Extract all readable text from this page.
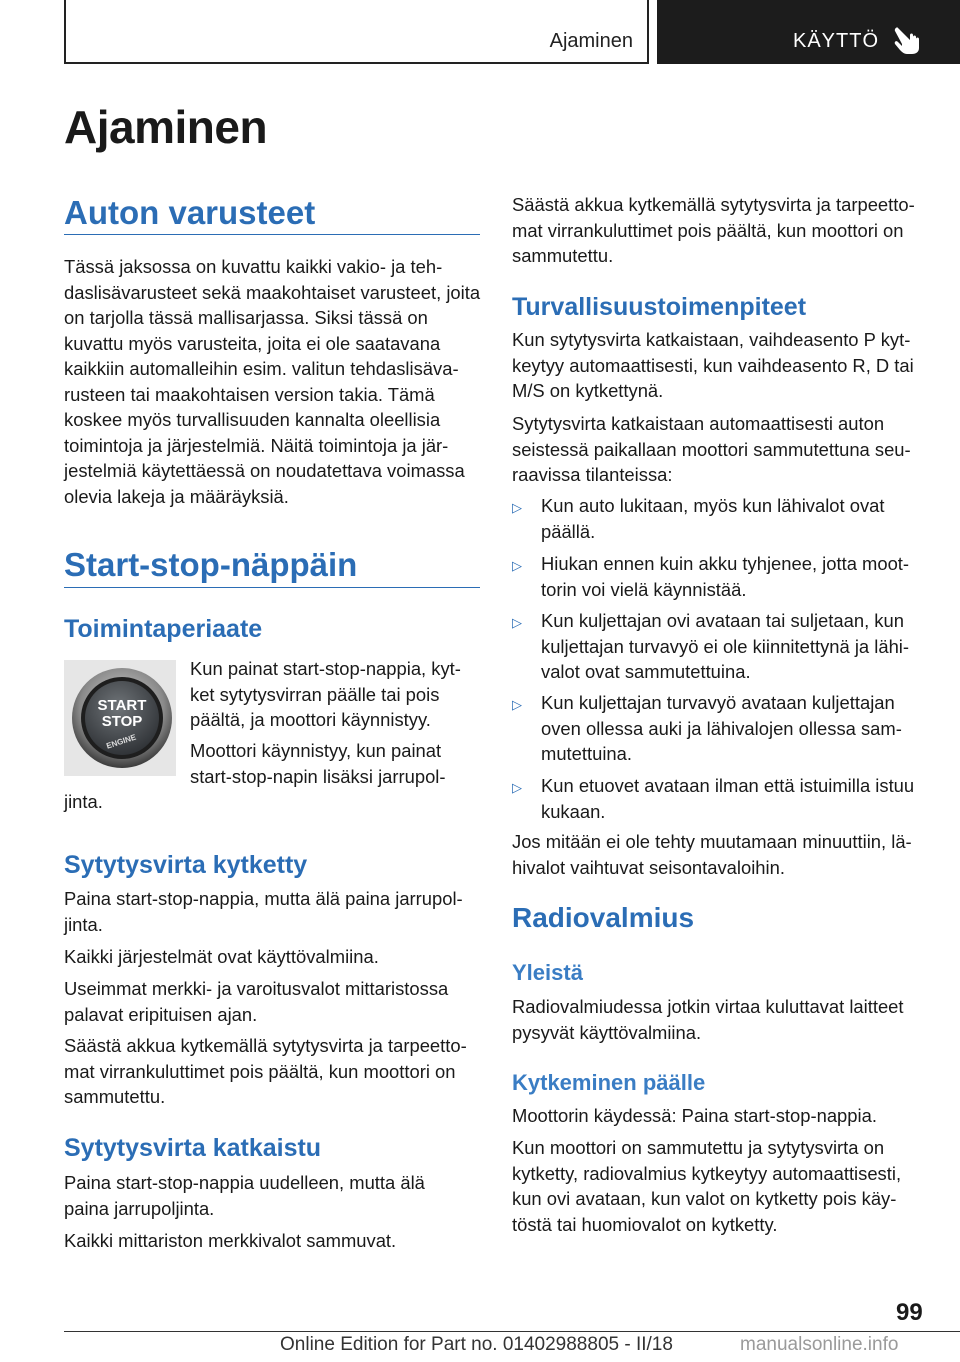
Ajaminen	KÄYTTÖ
Ajaminen
Auton varusteet

Tässä jaksossa on kuvattu kaikki vakio- ja teh- daslisävarusteet sekä maakohtaiset varusteet, joita on tarjolla tässä mallisarjassa. Siksi tässä on kuvattu myös varusteita, joita ei ole saatavana kaikkiin automalleihin esim. valitun tehdaslisäva- rusteen tai maakohtaisen version takia. Tämä koskee myös turvallisuuden kannalta oleellisia toimintoja ja järjestelmiä. Näitä toimintoja ja jär- jestelmiä käytettäessä on noudatettava voimassa olevia lakeja ja määräyksiä.

Start-stop-näppäin
Toimintaperiaate
START
STOP
ENGINE

Kun painat start-stop-nappia, kyt- ket sytytysvirran päälle tai pois päältä, ja moottori käynnistyy.

Moottori käynnistyy, kun painat start-stop-napin lisäksi jarrupol-

jinta.

Sytytysvirta kytketty

Paina start-stop-nappia, mutta älä paina jarrupol- jinta.

Kaikki järjestelmät ovat käyttövalmiina.

Useimmat merkki- ja varoitusvalot mittaristossa palavat eripituisen ajan.

Säästä akkua kytkemällä sytytysvirta ja tarpeetto- mat virrankuluttimet pois päältä, kun moottori on sammutettu.

Sytytysvirta katkaistu

Paina start-stop-nappia uudelleen, mutta älä paina jarrupoljinta.

Kaikki mittariston merkkivalot sammuvat.

Säästä akkua kytkemällä sytytysvirta ja tarpeetto- mat virrankuluttimet pois päältä, kun moottori on sammutettu.

Turvallisuustoimenpiteet

Kun sytytysvirta katkaistaan, vaihdeasento P kyt- keytyy automaattisesti, kun vaihdeasento R, D tai M/S on kytkettynä.

Sytytysvirta katkaistaan automaattisesti auton seistessä paikallaan moottori sammutettuna seu- raavissa tilanteissa:

▷ Kun auto lukitaan, myös kun lähivalot ovat päällä.
▷ Hiukan ennen kuin akku tyhjenee, jotta moot- torin voi vielä käynnistää.
▷ Kun kuljettajan ovi avataan tai suljetaan, kun kuljettajan turvavyö ei ole kiinnitettynä ja lähi- valot ovat sammutettuina.
▷ Kun kuljettajan turvavyö avataan kuljettajan oven ollessa auki ja lähivalojen ollessa sam- mutettuina.
▷ Kun etuovet avataan ilman että istuimilla istuu kukaan.

Jos mitään ei ole tehty muutamaan minuuttiin, lä- hivalot vaihtuvat seisontavaloihin.

Radiovalmius
Yleistä

Radiovalmiudessa jotkin virtaa kuluttavat laitteet pysyvät käyttövalmiina.

Kytkeminen päälle

Moottorin käydessä: Paina start-stop-nappia.

Kun moottori on sammutettu ja sytytysvirta on kytketty, radiovalmius kytkeytyy automaattisesti, kun ovi avataan, kun valot on kytketty pois käy- töstä tai huomiovalot on kytketty.

99
Online Edition for Part no. 01402988805 - II/18	manualsonline.info
